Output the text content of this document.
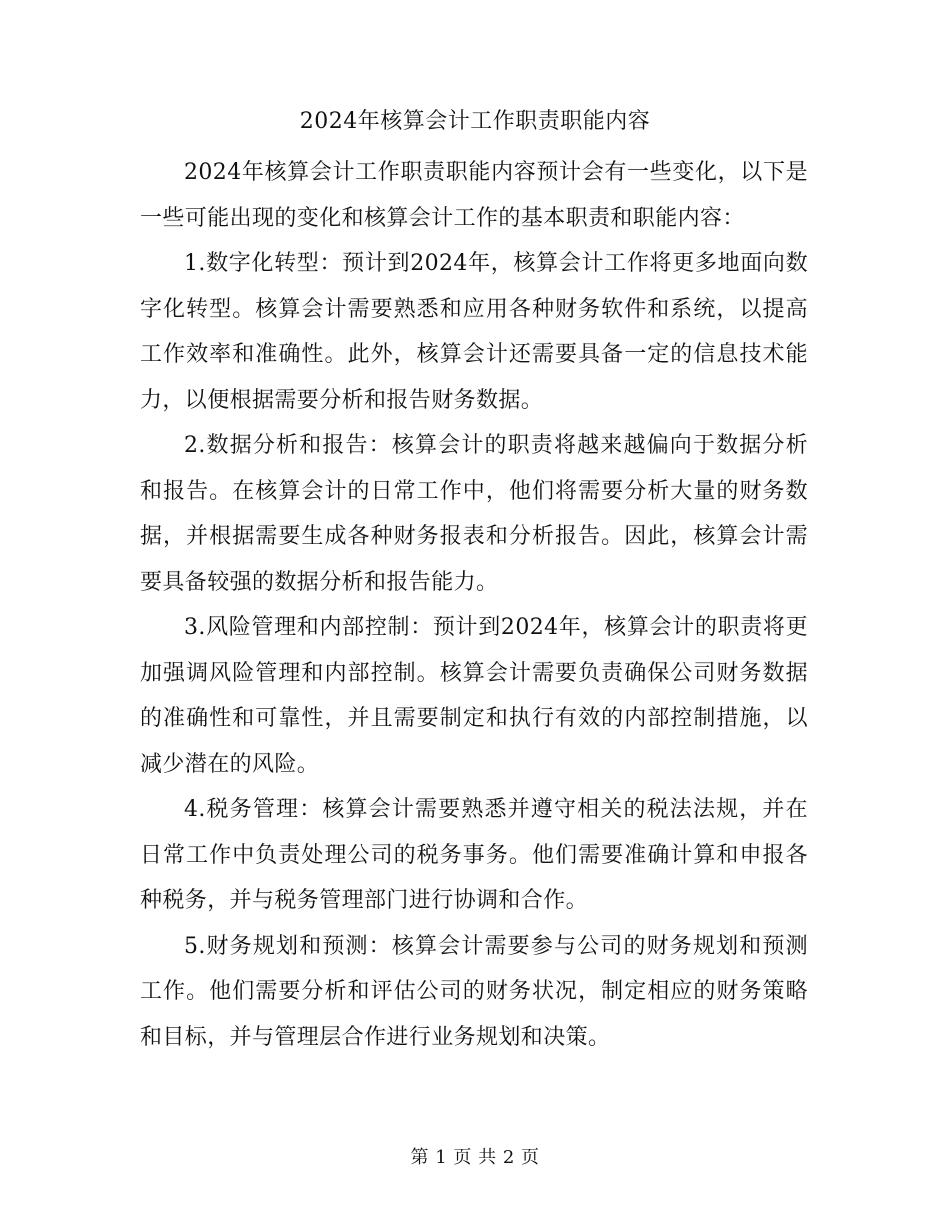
2024年核算会计工作职责职能内容

2024年核算会计工作职责职能内容预计会有一些变化，以下是一些可能出现的变化和核算会计工作的基本职责和职能内容：

1.数字化转型：预计到2024年，核算会计工作将更多地面向数字化转型。核算会计需要熟悉和应用各种财务软件和系统，以提高工作效率和准确性。此外，核算会计还需要具备一定的信息技术能力，以便根据需要分析和报告财务数据。

2.数据分析和报告：核算会计的职责将越来越偏向于数据分析和报告。在核算会计的日常工作中，他们将需要分析大量的财务数据，并根据需要生成各种财务报表和分析报告。因此，核算会计需要具备较强的数据分析和报告能力。

3.风险管理和内部控制：预计到2024年，核算会计的职责将更加强调风险管理和内部控制。核算会计需要负责确保公司财务数据的准确性和可靠性，并且需要制定和执行有效的内部控制措施，以减少潜在的风险。

4.税务管理：核算会计需要熟悉并遵守相关的税法法规，并在日常工作中负责处理公司的税务事务。他们需要准确计算和申报各种税务，并与税务管理部门进行协调和合作。

5.财务规划和预测：核算会计需要参与公司的财务规划和预测工作。他们需要分析和评估公司的财务状况，制定相应的财务策略和目标，并与管理层合作进行业务规划和决策。

第 1 页 共 2 页
